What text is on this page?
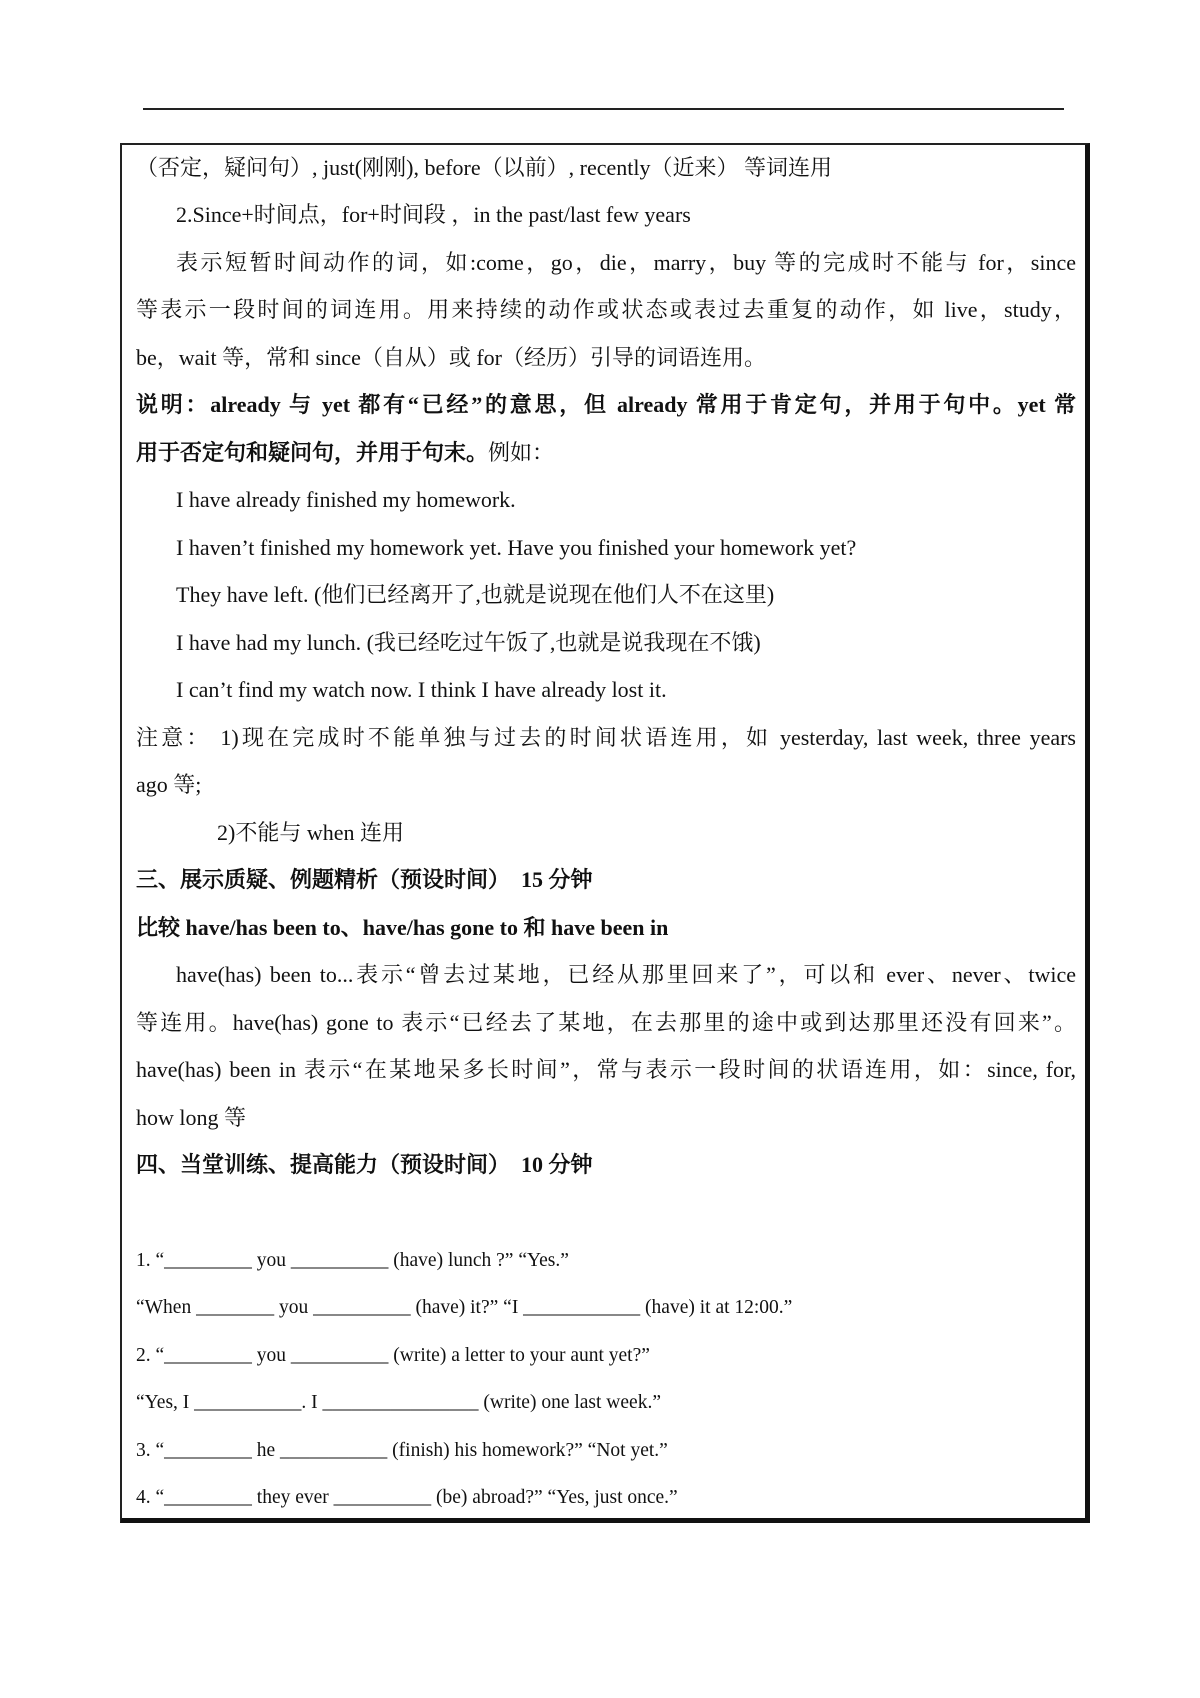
（否定，疑问句）, just(刚刚), before（以前）, recently（近来） 等词连用
2.Since+时间点，for+时间段 ，in the past/last few years
表示短暂时间动作的词，如:come，go，die，marry，buy 等的完成时不能与 for，since
等表示一段时间的词连用。用来持续的动作或状态或表过去重复的动作，如 live，study，
be，wait 等，常和 since（自从）或 for（经历）引导的词语连用。
说明：already 与 yet 都有“已经”的意思，但 already 常用于肯定句，并用于句中。yet 常
用于否定句和疑问句，并用于句末。例如：
I have already finished my homework.
I haven’t finished my homework yet. Have you finished your homework yet?
They have left. (他们已经离开了,也就是说现在他们人不在这里)
I have had my lunch. (我已经吃过午饭了,也就是说我现在不饿)
I can’t find my watch now. I think I have already lost it.
注意： 1)现在完成时不能单独与过去的时间状语连用，如 yesterday, last week, three years
ago 等;
2)不能与 when 连用
三、展示质疑、例题精析（预设时间）　15 分钟
比较 have/has been to、have/has gone to 和 have been in
have(has) been to...表示“曾去过某地，已经从那里回来了”，可以和 ever、never、twice
等连用。have(has) gone to 表示“已经去了某地，在去那里的途中或到达那里还没有回来”。
have(has) been in 表示“在某地呆多长时间”，常与表示一段时间的状语连用，如：since, for,
how long 等
四、当堂训练、提高能力（预设时间）　10 分钟
1. “_________ you __________ (have) lunch ?” “Yes.”
“When ________ you __________ (have) it?” “I ____________ (have) it at 12:00.”
2. “_________ you __________ (write) a letter to your aunt yet?”
“Yes, I ___________. I ________________ (write) one last week.”
3. “_________ he ___________ (finish) his homework?” “Not yet.”
4. “_________ they ever __________ (be) abroad?” “Yes, just once.”
